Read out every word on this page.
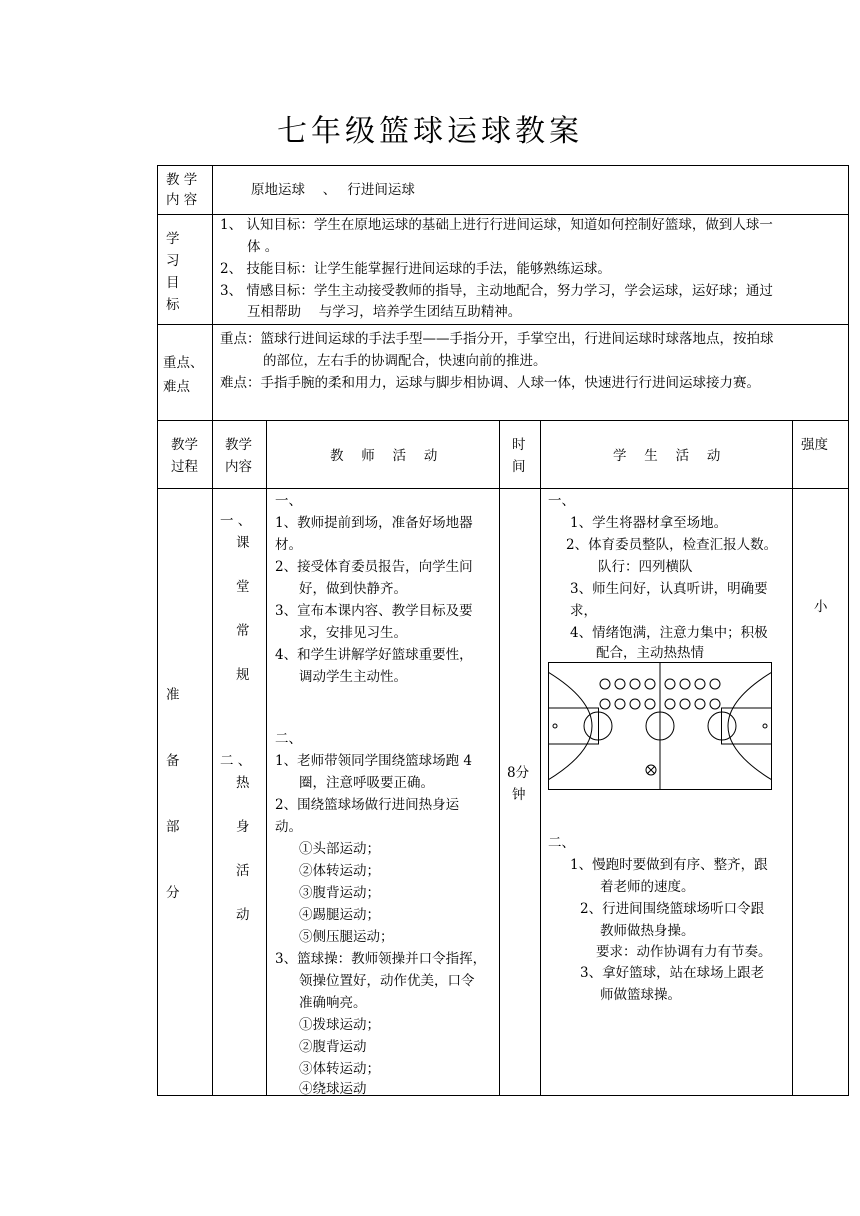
七年级篮球运球教案
教 学
内 容
原地运球　 、　 行进间运球
学
习
目
标
1、 认知目标：学生在原地运球的基础上进行行进间运球，知道如何控制好篮球，做到人球一
体 。
2、 技能目标：让学生能掌握行进间运球的手法，能够熟练运球。
3、 情感目标：学生主动接受教师的指导，主动地配合，努力学习，学会运球，运好球；通过
互相帮助　 与学习，培养学生团结互助精神。
重点、
难点
重点：篮球行进间运球的手法手型——手指分开，手掌空出，行进间运球时球落地点，按拍球
的部位，左右手的协调配合，快速向前的推进。
难点：手指手腕的柔和用力，运球与脚步相协调、人球一体，快速进行行进间运球接力赛。
教学
过程
教学
内容
教　 师　 活　 动
时
间
学　 生　 活　 动
强度
准
备
部
分
一 、
课
堂
常
规
二 、
热
身
活
动
一、
1、教师提前到场，准备好场地器
材。
2、接受体育委员报告，向学生问
好，做到快静齐。
3、宣布本课内容、教学目标及要
求，安排见习生。
4、和学生讲解学好篮球重要性，
调动学生主动性。
二、
1、老师带领同学围绕篮球场跑 4
圈，注意呼吸要正确。
2、围绕篮球场做行进间热身运
动。
①头部运动；
②体转运动；
③腹背运动；
④踢腿运动；
⑤侧压腿运动；
3、篮球操：教师领操并口令指挥，
领操位置好，动作优美，口令
准确响亮。
①拨球运动；
②腹背运动
③体转运动；
④绕球运动
8分
钟
一、
1、学生将器材拿至场地。
2、体育委员整队，检查汇报人数。
队行：四列横队
3、师生问好，认真听讲，明确要
求，
4、情绪饱满，注意力集中；积极
配合，主动热热情
二、
1、慢跑时要做到有序、整齐，跟
着老师的速度。
2、行进间围绕篮球场听口令跟
教师做热身操。
要求：动作协调有力有节奏。
3、拿好篮球，站在球场上跟老
师做篮球操。
小
